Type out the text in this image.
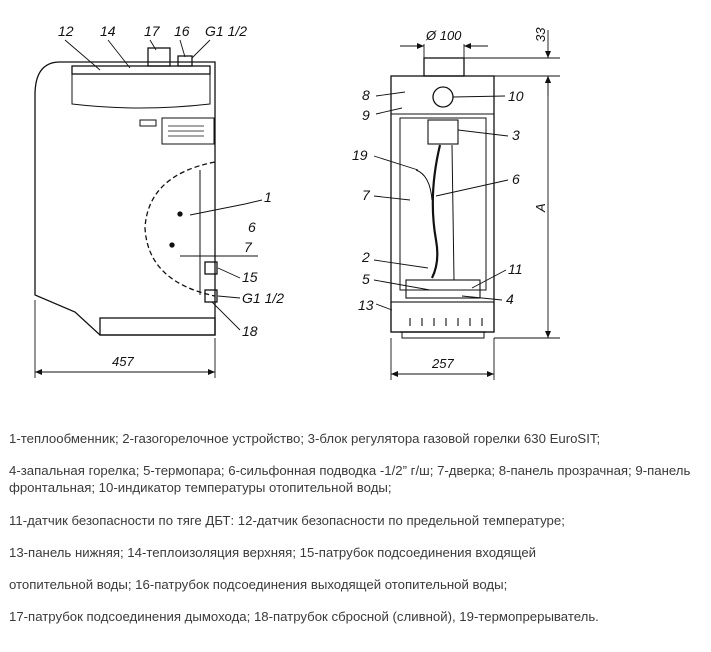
12 14 17 16 G1 1/2
1
6
7
15
G1 1/2
18
457
8
9
10
3
19
7
6
2
5
11
13	4
Ø 100	33
A
257
1-теплообменник; 2-газогорелочное устройство; 3-блок регулятора газовой горелки 630 EuroSIT;
4-запальная горелка; 5-термопара; 6-сильфонная подводка -1/2” г/ш; 7-дверка; 8-панель прозрачная; 9-панель фронтальная; 10-индикатор температуры отопительной воды;
11-датчик безопасности по тяге ДБТ: 12-датчик безопасности по предельной температуре;
13-панель нижняя; 14-теплоизоляция верхняя; 15-патрубок подсоединения входящей
отопительной воды; 16-патрубок подсоединения выходящей отопительной воды;
17-патрубок подсоединения дымохода; 18-патрубок сбросной (сливной), 19-термопрерыватель.
